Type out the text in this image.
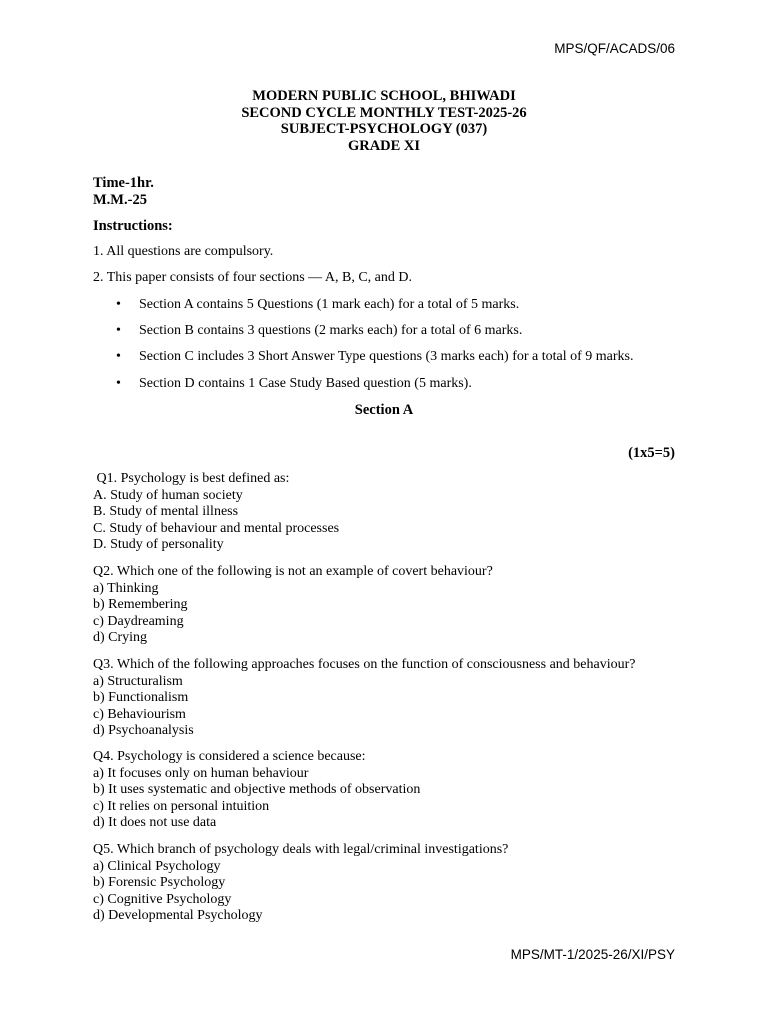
MPS/QF/ACADS/06
MODERN PUBLIC SCHOOL, BHIWADI
SECOND CYCLE MONTHLY TEST-2025-26
SUBJECT-PSYCHOLOGY (037)
GRADE XI
Time-1hr.
M.M.-25
Instructions:
1. All questions are compulsory.
2. This paper consists of four sections — A, B, C, and D.
• Section A contains 5 Questions (1 mark each) for a total of 5 marks.
• Section B contains 3 questions (2 marks each) for a total of 6 marks.
• Section C includes 3 Short Answer Type questions (3 marks each) for a total of 9 marks.
• Section D contains 1 Case Study Based question (5 marks).
Section A
(1x5=5)
Q1. Psychology is best defined as:
A. Study of human society
B. Study of mental illness
C. Study of behaviour and mental processes
D. Study of personality
Q2. Which one of the following is not an example of covert behaviour?
a) Thinking
b) Remembering
c) Daydreaming
d) Crying
Q3. Which of the following approaches focuses on the function of consciousness and behaviour?
a) Structuralism
b) Functionalism
c) Behaviourism
d) Psychoanalysis
Q4. Psychology is considered a science because:
a) It focuses only on human behaviour
b) It uses systematic and objective methods of observation
c) It relies on personal intuition
d) It does not use data
Q5. Which branch of psychology deals with legal/criminal investigations?
a) Clinical Psychology
b) Forensic Psychology
c) Cognitive Psychology
d) Developmental Psychology
MPS/MT-1/2025-26/XI/PSY
